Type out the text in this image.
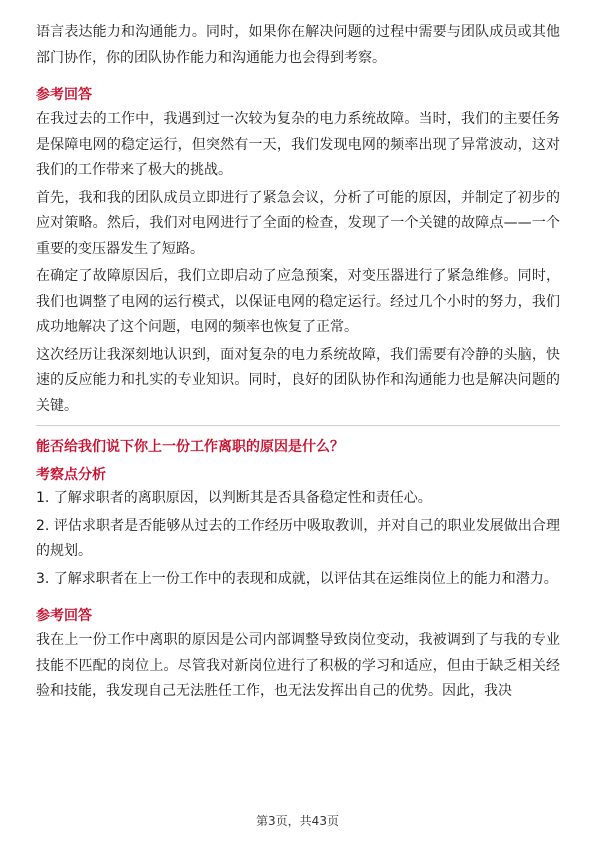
语言表达能力和沟通能力。同时，如果你在解决问题的过程中需要与团队成员或其他部门协作，你的团队协作能力和沟通能力也会得到考察。

参考回答

在我过去的工作中，我遇到过一次较为复杂的电力系统故障。当时，我们的主要任务是保障电网的稳定运行，但突然有一天，我们发现电网的频率出现了异常波动，这对我们的工作带来了极大的挑战。

首先，我和我的团队成员立即进行了紧急会议，分析了可能的原因，并制定了初步的应对策略。然后，我们对电网进行了全面的检查，发现了一个关键的故障点——一个重要的变压器发生了短路。

在确定了故障原因后，我们立即启动了应急预案，对变压器进行了紧急维修。同时，我们也调整了电网的运行模式，以保证电网的稳定运行。经过几个小时的努力，我们成功地解决了这个问题，电网的频率也恢复了正常。

这次经历让我深刻地认识到，面对复杂的电力系统故障，我们需要有冷静的头脑，快速的反应能力和扎实的专业知识。同时，良好的团队协作和沟通能力也是解决问题的关键。

能否给我们说下你上一份工作离职的原因是什么？
考察点分析

1. 了解求职者的离职原因，以判断其是否具备稳定性和责任心。

2. 评估求职者是否能够从过去的工作经历中吸取教训，并对自己的职业发展做出合理的规划。

3. 了解求职者在上一份工作中的表现和成就，以评估其在运维岗位上的能力和潜力。

参考回答

我在上一份工作中离职的原因是公司内部调整导致岗位变动，我被调到了与我的专业技能不匹配的岗位上。尽管我对新岗位进行了积极的学习和适应，但由于缺乏相关经验和技能，我发现自己无法胜任工作，也无法发挥出自己的优势。因此，我决

第3页，共43页
